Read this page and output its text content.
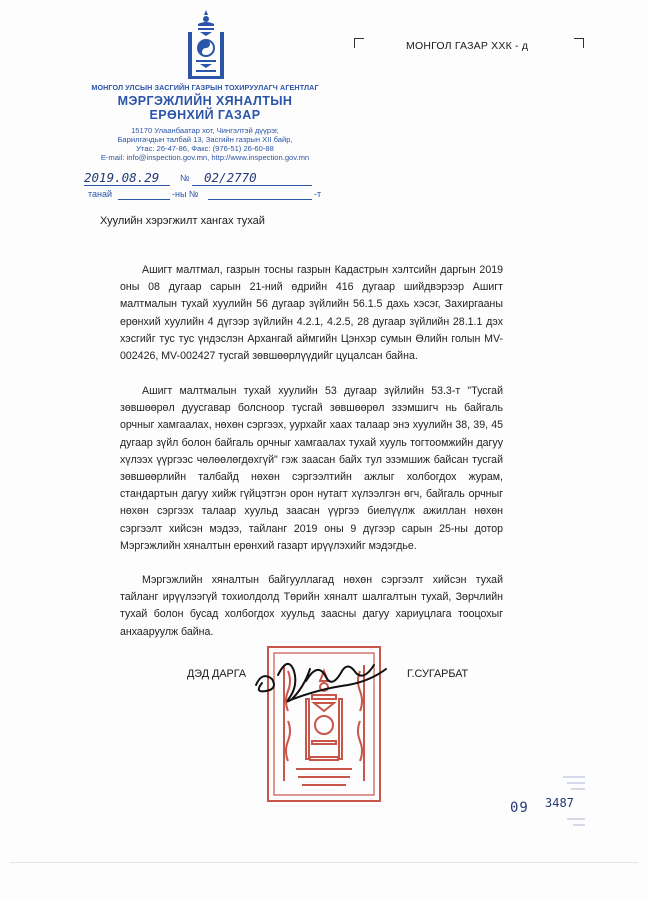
МОНГОЛ УЛСЫН ЗАСГИЙН ГАЗРЫН ТОХИРУУЛАГЧ АГЕНТЛАГ
МЭРГЭЖЛИЙН ХЯНАЛТЫН
ЕРӨНХИЙ ГАЗАР
15170 Улаанбаатар хот, Чингэлтэй дүүрэг,
Барилгачдын талбай 13, Засгийн газрын XII байр,
Утас: 26-47-86, Факс: (976-51) 26-60-88
E-mail: info@inspection.gov.mn, http://www.inspection.gov.mn
2019.08.29 № 02/2770
танай	-ны №	-т
МОНГОЛ ГАЗАР ХХК - д
Хуулийн хэрэгжилт хангах тухай

Ашигт малтмал, газрын тосны газрын Кадастрын хэлтсийн даргын 2019 оны 08 дугаар сарын 21-ний өдрийн 416 дугаар шийдвэрээр Ашигт малтмалын тухай хуулийн 56 дугаар зүйлийн 56.1.5 дахь хэсэг, Захиргааны ерөнхий хуулийн 4 дүгээр зүйлийн 4.2.1, 4.2.5, 28 дугаар зүйлийн 28.1.1 дэх хэсгийг тус тус үндэслэн Архангай аймгийн Цэнхэр сумын Өлийн голын MV-002426, MV-002427 тусгай зөвшөөрлүүдийг цуцалсан байна.

Ашигт малтмалын тухай хуулийн 53 дугаар зүйлийн 53.3-т "Тусгай зөвшөөрөл дуусгавар болсноор тусгай зөвшөөрөл эзэмшигч нь байгаль орчныг хамгаалах, нөхөн сэргээх, уурхайг хаах талаар энэ хуулийн 38, 39, 45 дугаар зүйл болон байгаль орчныг хамгаалах тухай хууль тогтоомжийн дагуу хүлээх үүргээс чөлөөлөгдөхгүй" гэж заасан байх тул эзэмшиж байсан тусгай зөвшөөрлийн талбайд нөхөн сэргээлтийн ажлыг холбогдох журам, стандартын дагуу хийж гүйцэтгэн орон нутагт хүлээлгэн өгч, байгаль орчныг нөхөн сэргээх талаар хуульд заасан үүргээ биелүүлж ажиллан нөхөн сэргээлт хийсэн мэдээ, тайланг 2019 оны 9 дүгээр сарын 25-ны дотор Мэргэжлийн хяналтын ерөнхий газарт ирүүлэхийг мэдэгдье.

Мэргэжлийн хяналтын байгууллагад нөхөн сэргээлт хийсэн тухай тайланг ирүүлээгүй тохиолдолд Төрийн хяналт шалгалтын тухай, Зөрчлийн тухай болон бусад холбогдох хуульд заасны дагуу хариуцлага тооцохыг анхааруулж байна.

ДЭД ДАРГА	Г.СУГАРБАТ
09 3487
